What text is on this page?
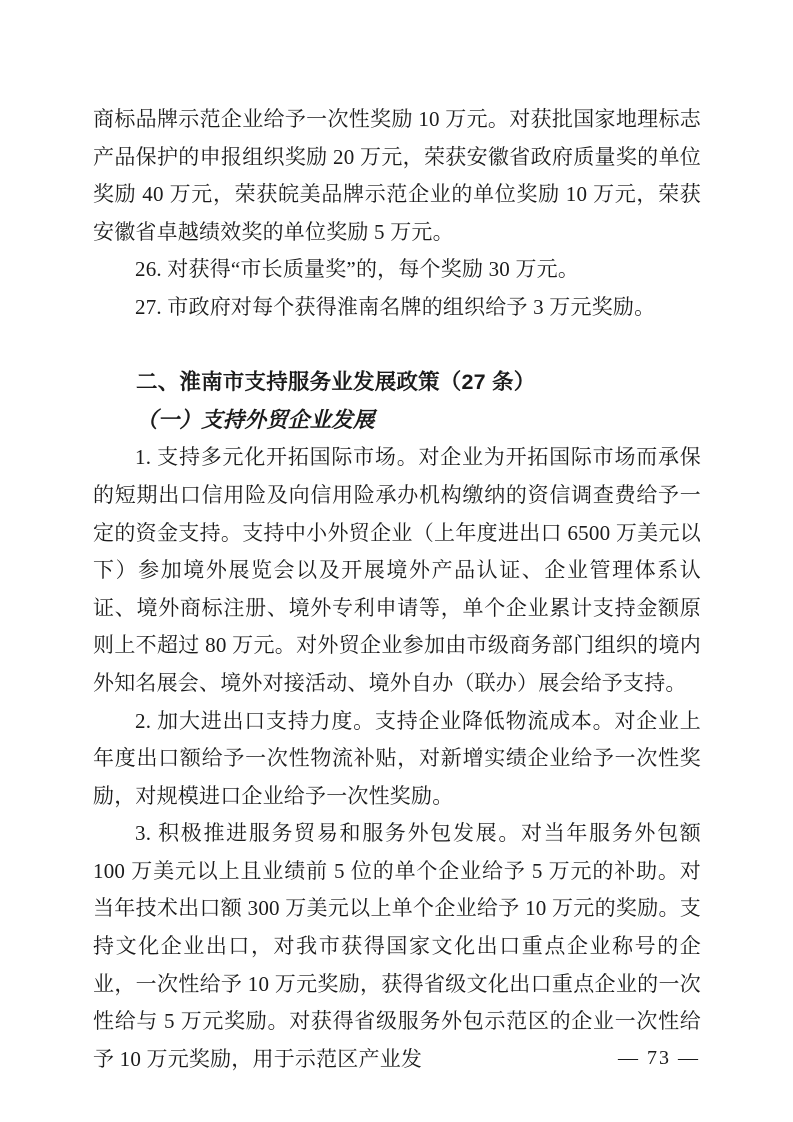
商标品牌示范企业给予一次性奖励 10 万元。对获批国家地理标志产品保护的申报组织奖励 20 万元，荣获安徽省政府质量奖的单位奖励 40 万元，荣获皖美品牌示范企业的单位奖励 10 万元，荣获安徽省卓越绩效奖的单位奖励 5 万元。

26. 对获得“市长质量奖”的，每个奖励 30 万元。

27. 市政府对每个获得淮南名牌的组织给予 3 万元奖励。

二、淮南市支持服务业发展政策（27 条）

（一）支持外贸企业发展

1. 支持多元化开拓国际市场。对企业为开拓国际市场而承保的短期出口信用险及向信用险承办机构缴纳的资信调查费给予一定的资金支持。支持中小外贸企业（上年度进出口 6500 万美元以下）参加境外展览会以及开展境外产品认证、企业管理体系认证、境外商标注册、境外专利申请等，单个企业累计支持金额原则上不超过 80 万元。对外贸企业参加由市级商务部门组织的境内外知名展会、境外对接活动、境外自办（联办）展会给予支持。

2. 加大进出口支持力度。支持企业降低物流成本。对企业上年度出口额给予一次性物流补贴，对新增实绩企业给予一次性奖励，对规模进口企业给予一次性奖励。

3. 积极推进服务贸易和服务外包发展。对当年服务外包额 100 万美元以上且业绩前 5 位的单个企业给予 5 万元的补助。对当年技术出口额 300 万美元以上单个企业给予 10 万元的奖励。支持文化企业出口，对我市获得国家文化出口重点企业称号的企业，一次性给予 10 万元奖励，获得省级文化出口重点企业的一次性给与 5 万元奖励。对获得省级服务外包示范区的企业一次性给予 10 万元奖励，用于示范区产业发	— 73 —
